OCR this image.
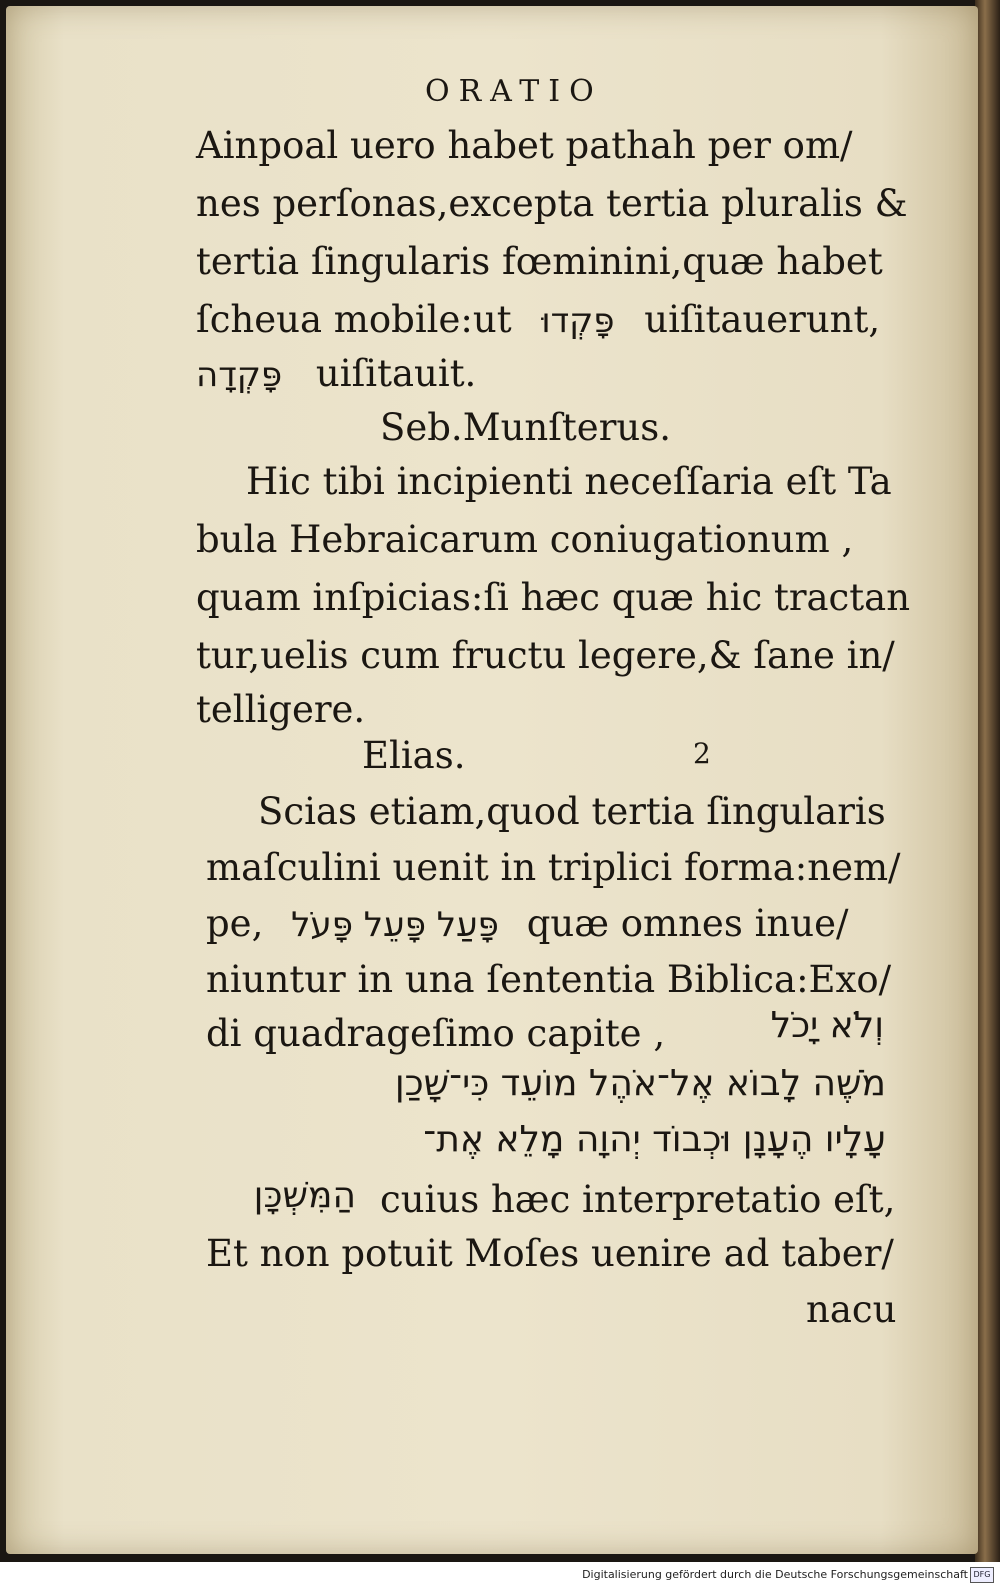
ORATIO
Ainpoal uero habet pathah per om/
nes perſonas,excepta tertia pluralis &
tertia ſingularis fœminini,quæ habet
ſcheua mobile:ut פָּקְדוּ uiſitauerunt,
פָּקְדָה uiſitauit.
Seb.Munſterus.
Hic tibi incipienti neceſſaria eſt Ta
bula Hebraicarum coniugationum ,
quam inſpicias:ſi hæc quæ hic tractan
tur,uelis cum fructu legere,& ſane in/
telligere.
Elias.	2
Scias etiam,quod tertia ſingularis
maſculini uenit in triplici forma:nem/
pe, פָּעַל פָּעֵל פָּעֹל quæ omnes inue/
niuntur in una ſententia Biblica:Exo/
di quadrageſimo capite ,	וְלֹא יָכֹל
מֹשֶׁה לָבוֹא אֶל־אֹהֶל מוֹעֵד כִּי־שָׁכַן
עָלָיו הֶעָנָן וּכְבוֹד יְהוָה מָלֵא אֶת־
הַמִּשְׁכָּן cuius hæc interpretatio eſt,
Et non potuit Moſes uenire ad taber/
nacu
Digitalisierung gefördert durch die Deutsche Forschungsgemeinschaft DFG
